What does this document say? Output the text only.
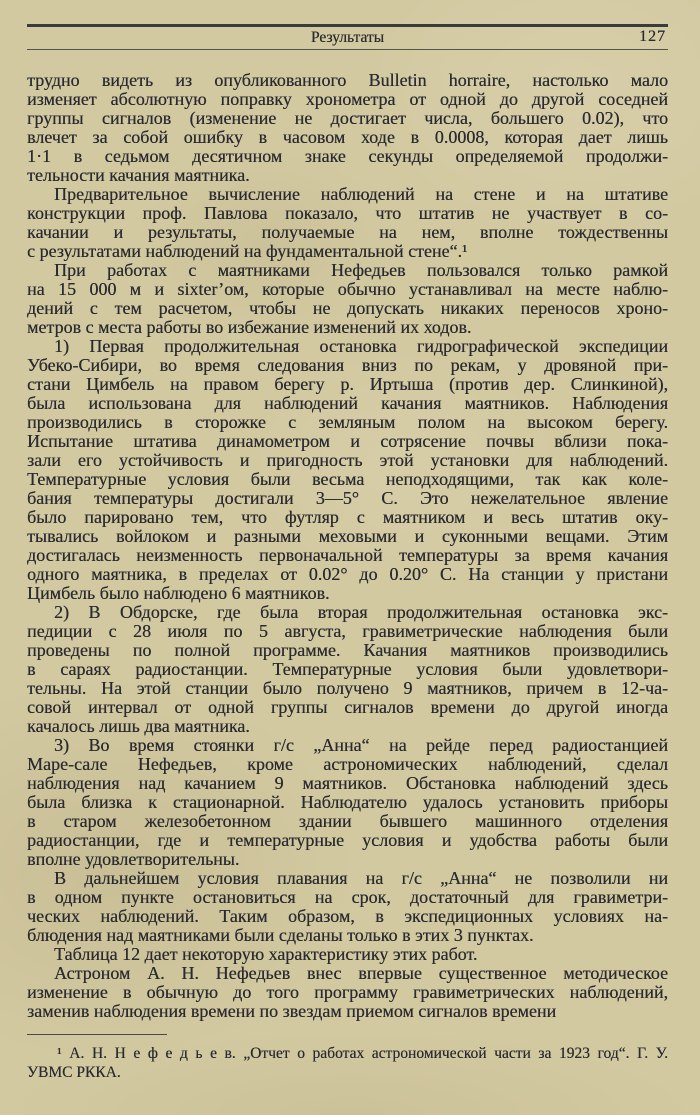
Результаты	127
трудно видеть из опубликованного Bulletin horraire, настолько мало
изменяет абсолютную поправку хронометра от одной до другой соседней
группы сигналов (изменение не достигает числа, большего 0.02), что
влечет за собой ошибку в часовом ходе в 0.0008, которая дает лишь
1·1 в седьмом десятичном знаке секунды определяемой продолжи-
тельности качания маятника.
Предварительное вычисление наблюдений на стене и на штативе
конструкции проф. Павлова показало, что штатив не участвует в со-
качании и результаты, получаемые на нем, вполне тождественны
с результатами наблюдений на фундаментальной стене“.¹
При работах с маятниками Нефедьев пользовался только рамкой
на 15 000 м и sixter’ом, которые обычно устанавливал на месте наблю-
дений с тем расчетом, чтобы не допускать никаких переносов хроно-
метров с места работы во избежание изменений их ходов.
1) Первая продолжительная остановка гидрографической экспедиции
Убеко-Сибири, во время следования вниз по рекам, у дровяной при-
стани Цимбель на правом берегу р. Иртыша (против дер. Слинкиной),
была использована для наблюдений качания маятников. Наблюдения
производились в сторожке с земляным полом на высоком берегу.
Испытание штатива динамометром и сотрясение почвы вблизи пока-
зали его устойчивость и пригодность этой установки для наблюдений.
Температурные условия были весьма неподходящими, так как коле-
бания температуры достигали 3—5° С. Это нежелательное явление
было парировано тем, что футляр с маятником и весь штатив оку-
тывались войлоком и разными меховыми и суконными вещами. Этим
достигалась неизменность первоначальной температуры за время качания
одного маятника, в пределах от 0.02° до 0.20° С. На станции у пристани
Цимбель было наблюдено 6 маятников.
2) В Обдорске, где была вторая продолжительная остановка экс-
педиции с 28 июля по 5 августа, гравиметрические наблюдения были
проведены по полной программе. Качания маятников производились
в сараях радиостанции. Температурные условия были удовлетвори-
тельны. На этой станции было получено 9 маятников, причем в 12-ча-
совой интервал от одной группы сигналов времени до другой иногда
качалось лишь два маятника.
3) Во время стоянки г/с „Анна“ на рейде перед радиостанцией
Маре-сале Нефедьев, кроме астрономических наблюдений, сделал
наблюдения над качанием 9 маятников. Обстановка наблюдений здесь
была близка к стационарной. Наблюдателю удалось установить приборы
в старом железобетонном здании бывшего машинного отделения
радиостанции, где и температурные условия и удобства работы были
вполне удовлетворительны.
В дальнейшем условия плавания на г/с „Анна“ не позволили ни
в одном пункте остановиться на срок, достаточный для гравиметри-
ческих наблюдений. Таким образом, в экспедиционных условиях на-
блюдения над маятниками были сделаны только в этих 3 пунктах.
Таблица 12 дает некоторую характеристику этих работ.
Астроном А. Н. Нефедьев внес впервые существенное методическое
изменение в обычную до того программу гравиметрических наблюдений,
заменив наблюдения времени по звездам приемом сигналов времени
¹ А. Н. Н е ф е д ь е в. „Отчет о работах астрономической части за 1923 год“. Г. У.
УВМС РККА.
